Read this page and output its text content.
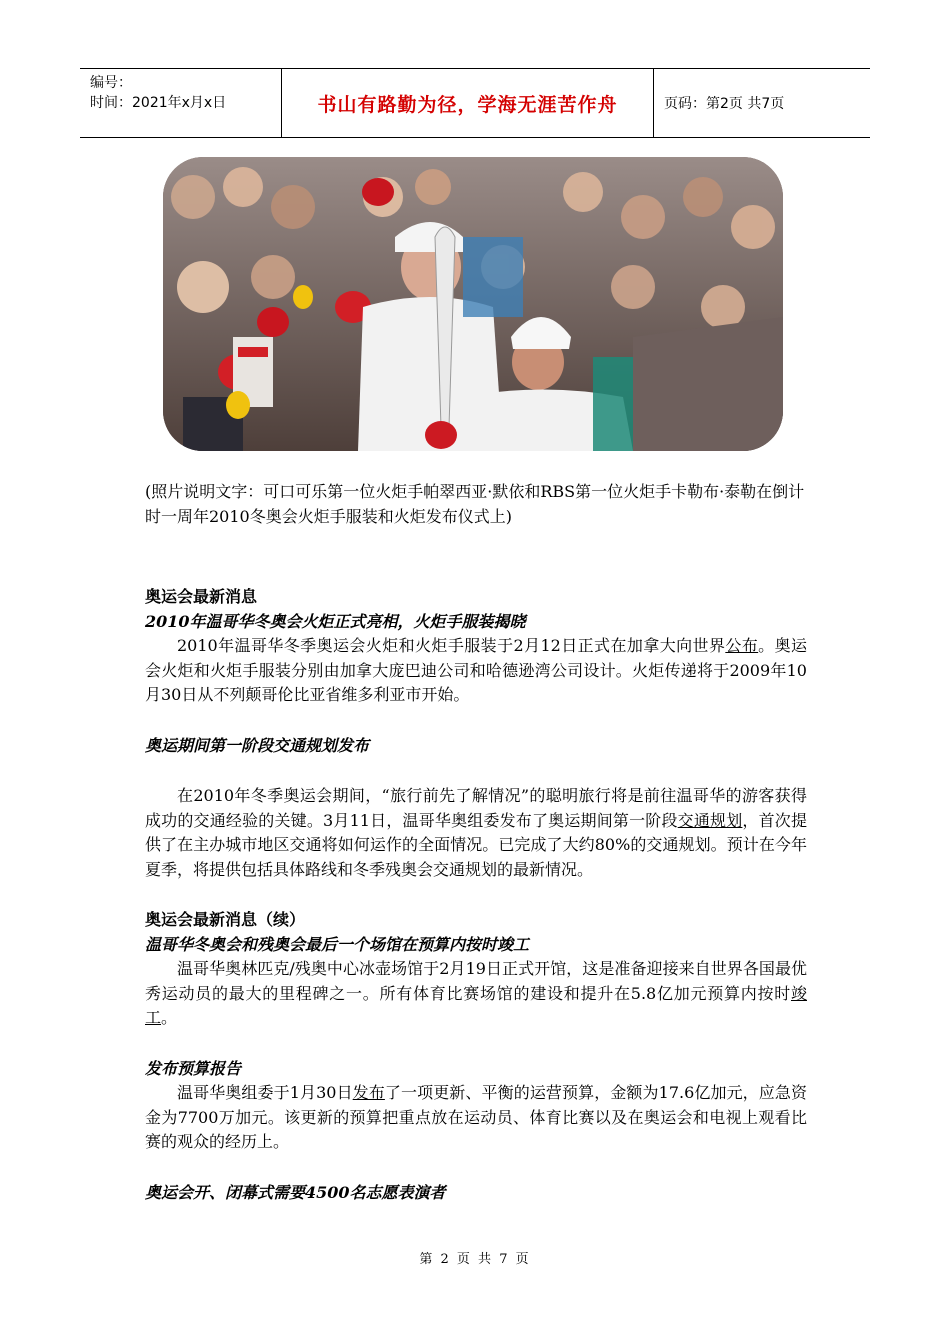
编号：
时间：2021年x月x日	书山有路勤为径，学海无涯苦作舟	页码：第2页 共7页

(照片说明文字：可口可乐第一位火炬手帕翠西亚·默依和RBS第一位火炬手卡勒布·泰勒在倒计时一周年2010冬奥会火炬手服装和火炬发布仪式上)

奥运会最新消息

2010年温哥华冬奥会火炬正式亮相，火炬手服装揭晓

2010年温哥华冬季奥运会火炬和火炬手服装于2月12日正式在加拿大向世界公布。奥运会火炬和火炬手服装分别由加拿大庞巴迪公司和哈德逊湾公司设计。火炬传递将于2009年10月30日从不列颠哥伦比亚省维多利亚市开始。

奥运期间第一阶段交通规划发布

在2010年冬季奥运会期间，“旅行前先了解情况”的聪明旅行将是前往温哥华的游客获得成功的交通经验的关键。3月11日，温哥华奥组委发布了奥运期间第一阶段交通规划，首次提供了在主办城市地区交通将如何运作的全面情况。已完成了大约80%的交通规划。预计在今年夏季，将提供包括具体路线和冬季残奥会交通规划的最新情况。

奥运会最新消息（续）

温哥华冬奥会和残奥会最后一个场馆在预算内按时竣工

温哥华奥林匹克/残奥中心冰壶场馆于2月19日正式开馆，这是准备迎接来自世界各国最优秀运动员的最大的里程碑之一。所有体育比赛场馆的建设和提升在5.8亿加元预算内按时竣工。

发布预算报告

温哥华奥组委于1月30日发布了一项更新、平衡的运营预算，金额为17.6亿加元，应急资金为7700万加元。该更新的预算把重点放在运动员、体育比赛以及在奥运会和电视上观看比赛的观众的经历上。

奥运会开、闭幕式需要4500名志愿表演者

第 2 页 共 7 页
